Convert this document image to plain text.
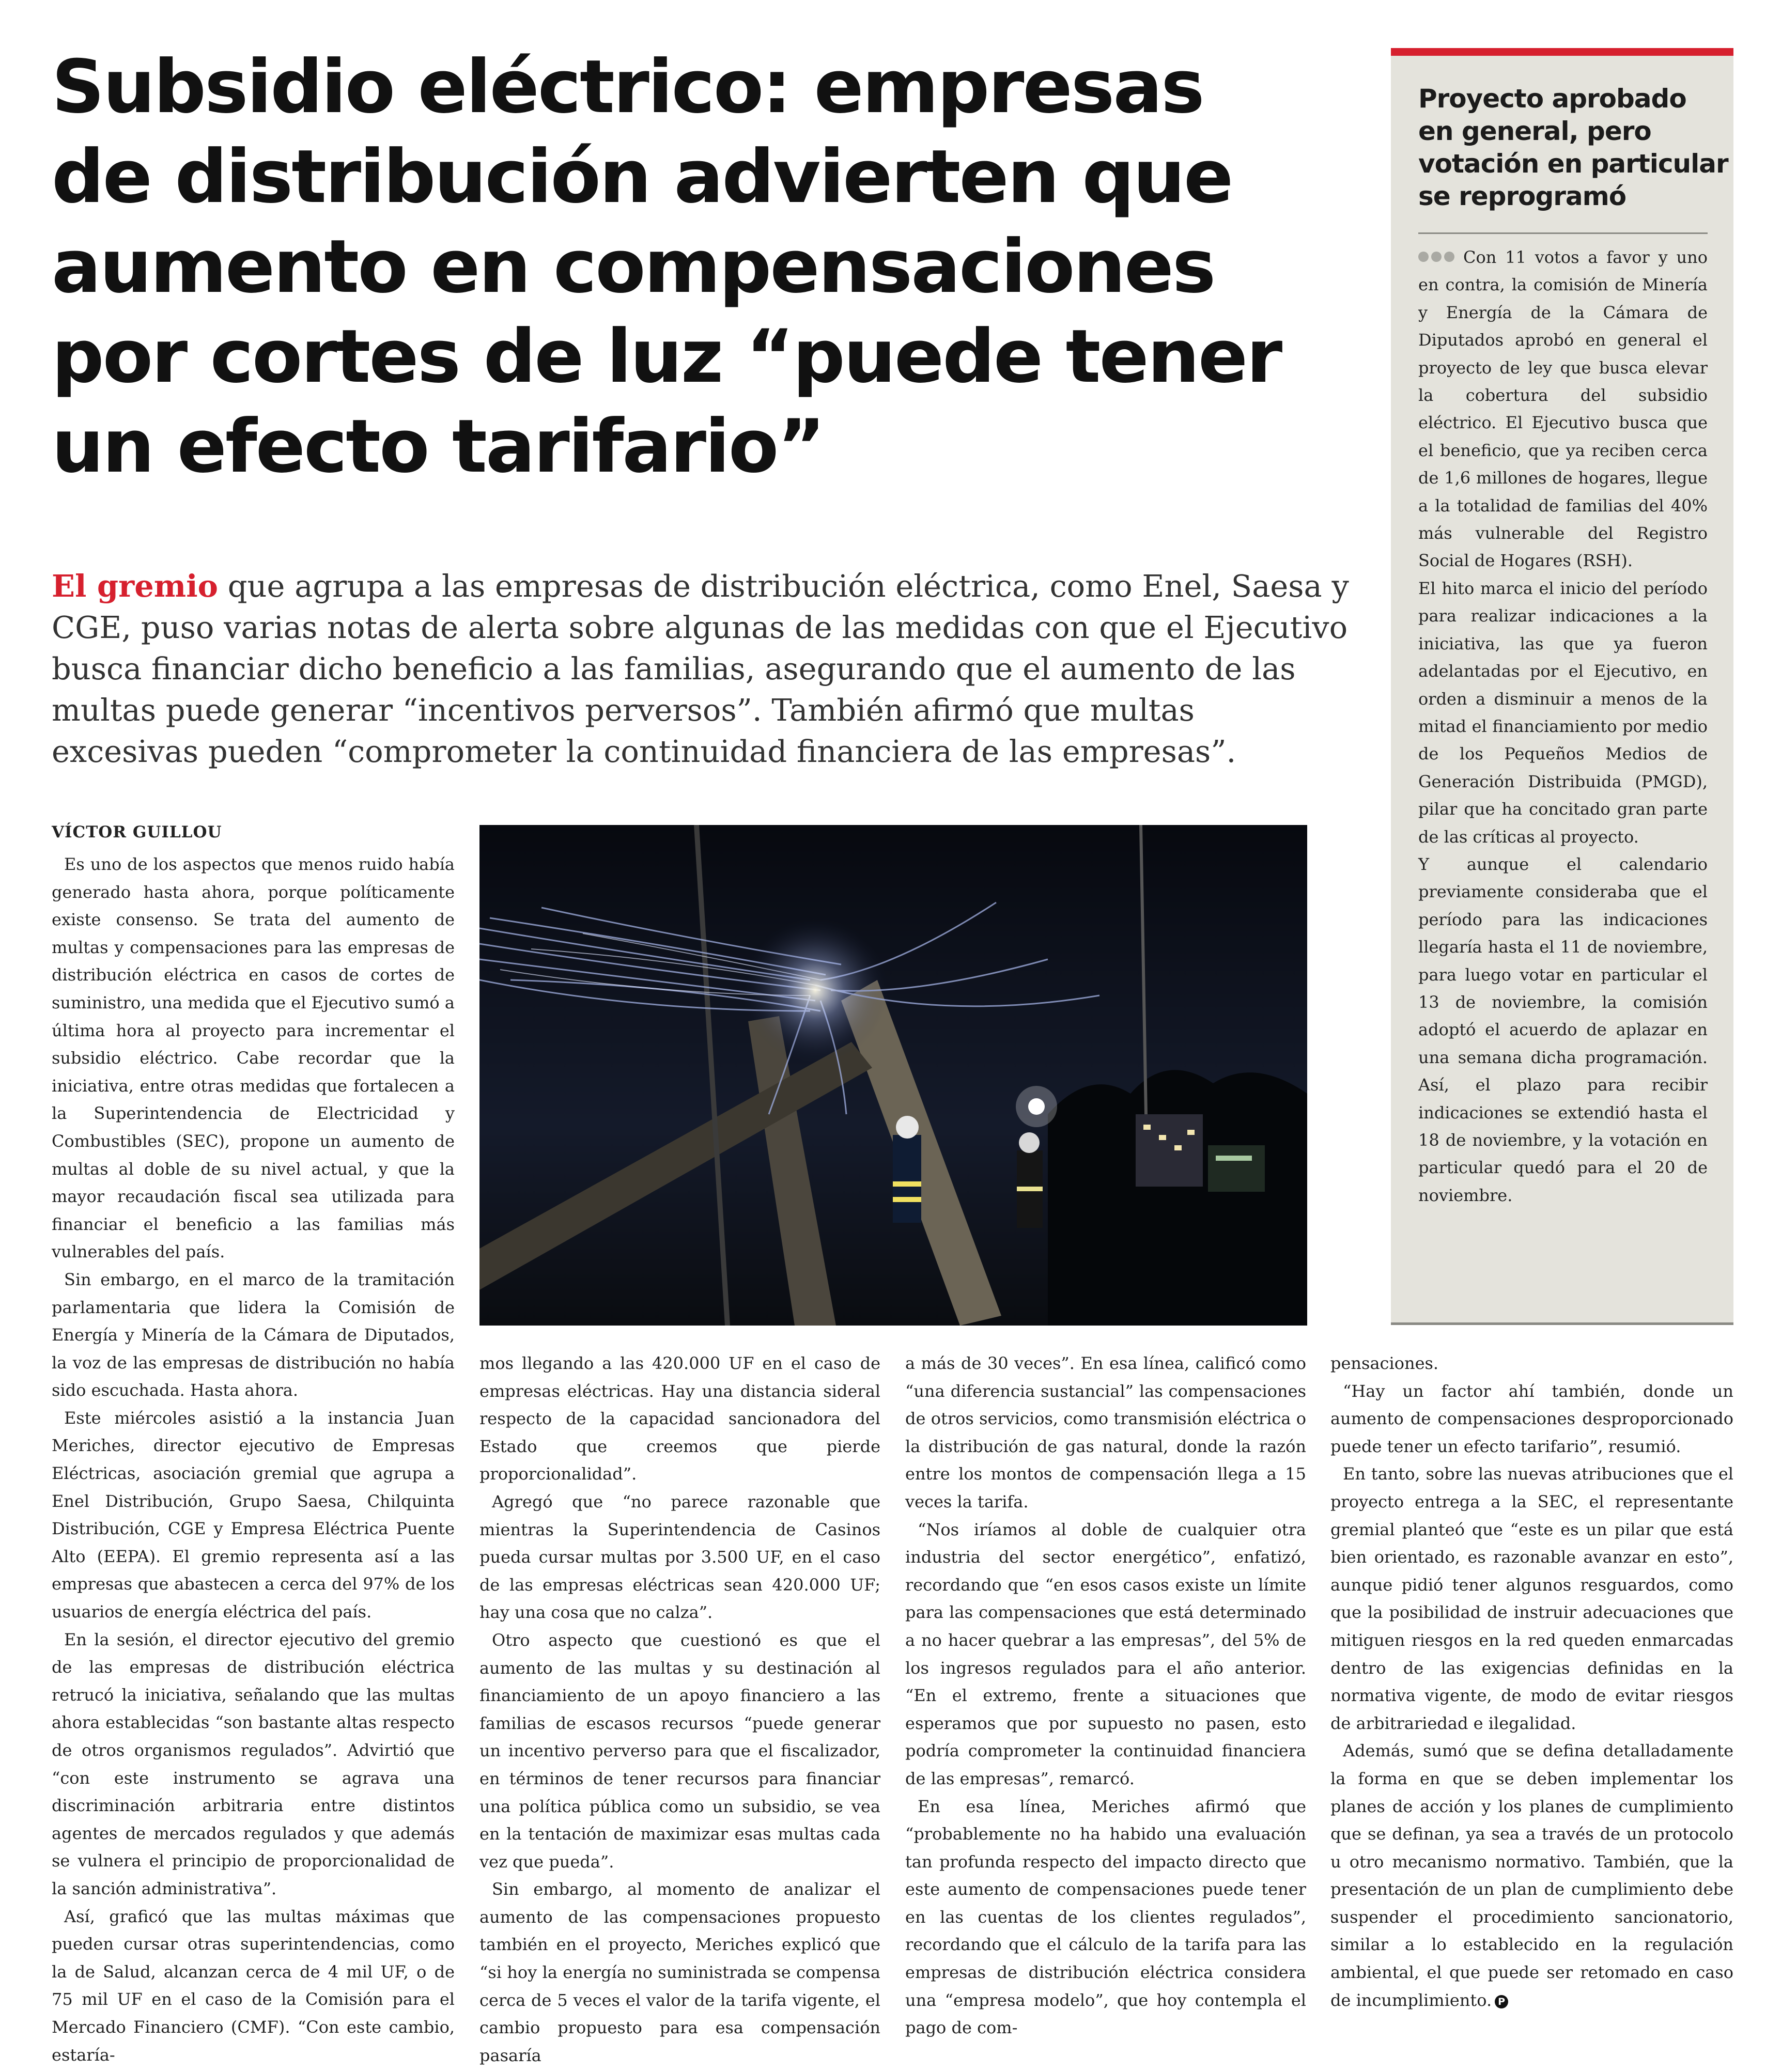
Subsidio eléctrico: empresas
de distribución advierten que
aumento en compensaciones
por cortes de luz “puede tener
un efecto tarifario”

El gremio que agrupa a las empresas de distribución eléctrica, como Enel, Saesa y
CGE, puso varias notas de alerta sobre algunas de las medidas con que el Ejecutivo
busca financiar dicho beneficio a las familias, asegurando que el aumento de las
multas puede generar “incentivos perversos”. También afirmó que multas
excesivas pueden “comprometer la continuidad financiera de las empresas”.

VÍCTOR GUILLOU

Es uno de los aspectos que menos ruido había generado hasta ahora, porque políticamente existe consenso. Se trata del aumento de multas y compensaciones para las empresas de distribución eléctrica en casos de cortes de suministro, una medida que el Ejecutivo sumó a última hora al proyecto para incrementar el subsidio eléctrico. Cabe recordar que la iniciativa, entre otras medidas que fortalecen a la Superintendencia de Electricidad y Combustibles (SEC), propone un aumento de multas al doble de su nivel actual, y que la mayor recaudación fiscal sea utilizada para financiar el beneficio a las familias más vulnerables del país.

Sin embargo, en el marco de la tramitación parlamentaria que lidera la Comisión de Energía y Minería de la Cámara de Diputados, la voz de las empresas de distribución no había sido escuchada. Hasta ahora.

Este miércoles asistió a la instancia Juan Meriches, director ejecutivo de Empresas Eléctricas, asociación gremial que agrupa a Enel Distribución, Grupo Saesa, Chilquinta Distribución, CGE y Empresa Eléctrica Puente Alto (EEPA). El gremio representa así a las empresas que abastecen a cerca del 97% de los usuarios de energía eléctrica del país.

En la sesión, el director ejecutivo del gremio de las empresas de distribución eléctrica retrucó la iniciativa, señalando que las multas ahora establecidas “son bastante altas respecto de otros organismos regulados”. Advirtió que “con este instrumento se agrava una discriminación arbitraria entre distintos agentes de mercados regulados y que además se vulnera el principio de proporcionalidad de la sanción administrativa”.

Así, graficó que las multas máximas que pueden cursar otras superintendencias, como la de Salud, alcanzan cerca de 4 mil UF, o de 75 mil UF en el caso de la Comisión para el Mercado Financiero (CMF). “Con este cambio, estaría-

mos llegando a las 420.000 UF en el caso de empresas eléctricas. Hay una distancia sideral respecto de la capacidad sancionadora del Estado que creemos que pierde proporcionalidad”.

Agregó que “no parece razonable que mientras la Superintendencia de Casinos pueda cursar multas por 3.500 UF, en el caso de las empresas eléctricas sean 420.000 UF; hay una cosa que no calza”.

Otro aspecto que cuestionó es que el aumento de las multas y su destinación al financiamiento de un apoyo financiero a las familias de escasos recursos “puede generar un incentivo perverso para que el fiscalizador, en términos de tener recursos para financiar una política pública como un subsidio, se vea en la tentación de maximizar esas multas cada vez que pueda”.

Sin embargo, al momento de analizar el aumento de las compensaciones propuesto también en el proyecto, Meriches explicó que “si hoy la energía no suministrada se compensa cerca de 5 veces el valor de la tarifa vigente, el cambio propuesto para esa compensación pasaría

a más de 30 veces”. En esa línea, calificó como “una diferencia sustancial” las compensaciones de otros servicios, como transmisión eléctrica o la distribución de gas natural, donde la razón entre los montos de compensación llega a 15 veces la tarifa.

“Nos iríamos al doble de cualquier otra industria del sector energético”, enfatizó, recordando que “en esos casos existe un límite para las compensaciones que está determinado a no hacer quebrar a las empresas”, del 5% de los ingresos regulados para el año anterior. “En el extremo, frente a situaciones que esperamos que por supuesto no pasen, esto podría comprometer la continuidad financiera de las empresas”, remarcó.

En esa línea, Meriches afirmó que “probablemente no ha habido una evaluación tan profunda respecto del impacto directo que este aumento de compensaciones puede tener en las cuentas de los clientes regulados”, recordando que el cálculo de la tarifa para las empresas de distribución eléctrica considera una “empresa modelo”, que hoy contempla el pago de com-

pensaciones.

“Hay un factor ahí también, donde un aumento de compensaciones desproporcionado puede tener un efecto tarifario”, resumió.

En tanto, sobre las nuevas atribuciones que el proyecto entrega a la SEC, el representante gremial planteó que “este es un pilar que está bien orientado, es razonable avanzar en esto”, aunque pidió tener algunos resguardos, como que la posibilidad de instruir adecuaciones que mitiguen riesgos en la red queden enmarcadas dentro de las exigencias definidas en la normativa vigente, de modo de evitar riesgos de arbitrariedad e ilegalidad.

Además, sumó que se defina detalladamente la forma en que se deben implementar los planes de acción y los planes de cumplimiento que se definan, ya sea a través de un protocolo u otro mecanismo normativo. También, que la presentación de un plan de cumplimiento debe suspender el procedimiento sancionatorio, similar a lo establecido en la regulación ambiental, el que puede ser retomado en caso de incumplimiento. P

Proyecto aprobado
en general, pero
votación en particular
se reprogramó

Con 11 votos a favor y uno en contra, la comisión de Minería y Energía de la Cámara de Diputados aprobó en general el proyecto de ley que busca elevar la cobertura del subsidio eléctrico. El Ejecutivo busca que el beneficio, que ya reciben cerca de 1,6 millones de hogares, llegue a la totalidad de familias del 40% más vulnerable del Registro Social de Hogares (RSH).

El hito marca el inicio del período para realizar indicaciones a la iniciativa, las que ya fueron adelantadas por el Ejecutivo, en orden a disminuir a menos de la mitad el financiamiento por medio de los Pequeños Medios de Generación Distribuida (PMGD), pilar que ha concitado gran parte de las críticas al proyecto.

Y aunque el calendario previamente consideraba que el período para las indicaciones llegaría hasta el 11 de noviembre, para luego votar en particular el 13 de noviembre, la comisión adoptó el acuerdo de aplazar en una semana dicha programación. Así, el plazo para recibir indicaciones se extendió hasta el 18 de noviembre, y la votación en particular quedó para el 20 de noviembre.
